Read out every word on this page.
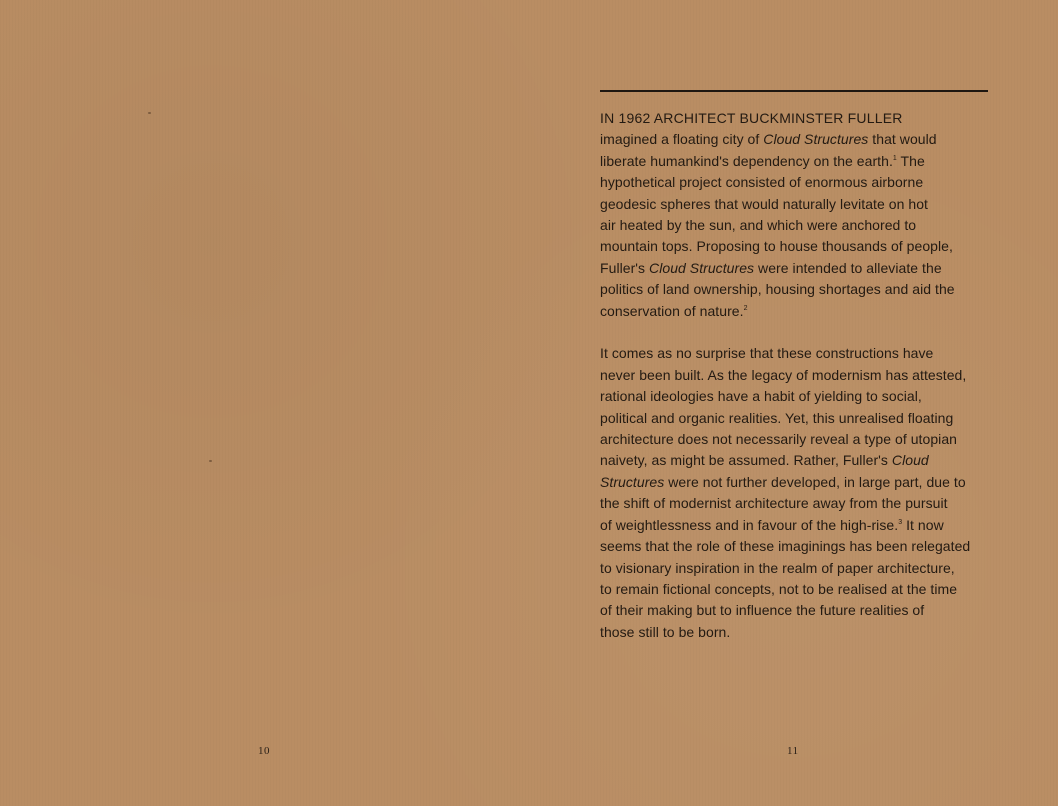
IN 1962 ARCHITECT BUCKMINSTER FULLER
imagined a floating city of Cloud Structures that would
liberate humankind's dependency on the earth.$^1$ The
hypothetical project consisted of enormous airborne
geodesic spheres that would naturally levitate on hot
air heated by the sun, and which were anchored to
mountain tops. Proposing to house thousands of people,
Fuller's Cloud Structures were intended to alleviate the
politics of land ownership, housing shortages and aid the
conservation of nature.$^2$
It comes as no surprise that these constructions have
never been built. As the legacy of modernism has attested,
rational ideologies have a habit of yielding to social,
political and organic realities. Yet, this unrealised floating
architecture does not necessarily reveal a type of utopian
naivety, as might be assumed. Rather, Fuller's Cloud
Structures were not further developed, in large part, due to
the shift of modernist architecture away from the pursuit
of weightlessness and in favour of the high-rise.$^3$ It now
seems that the role of these imaginings has been relegated
to visionary inspiration in the realm of paper architecture,
to remain fictional concepts, not to be realised at the time
of their making but to influence the future realities of
those still to be born.
10	11
